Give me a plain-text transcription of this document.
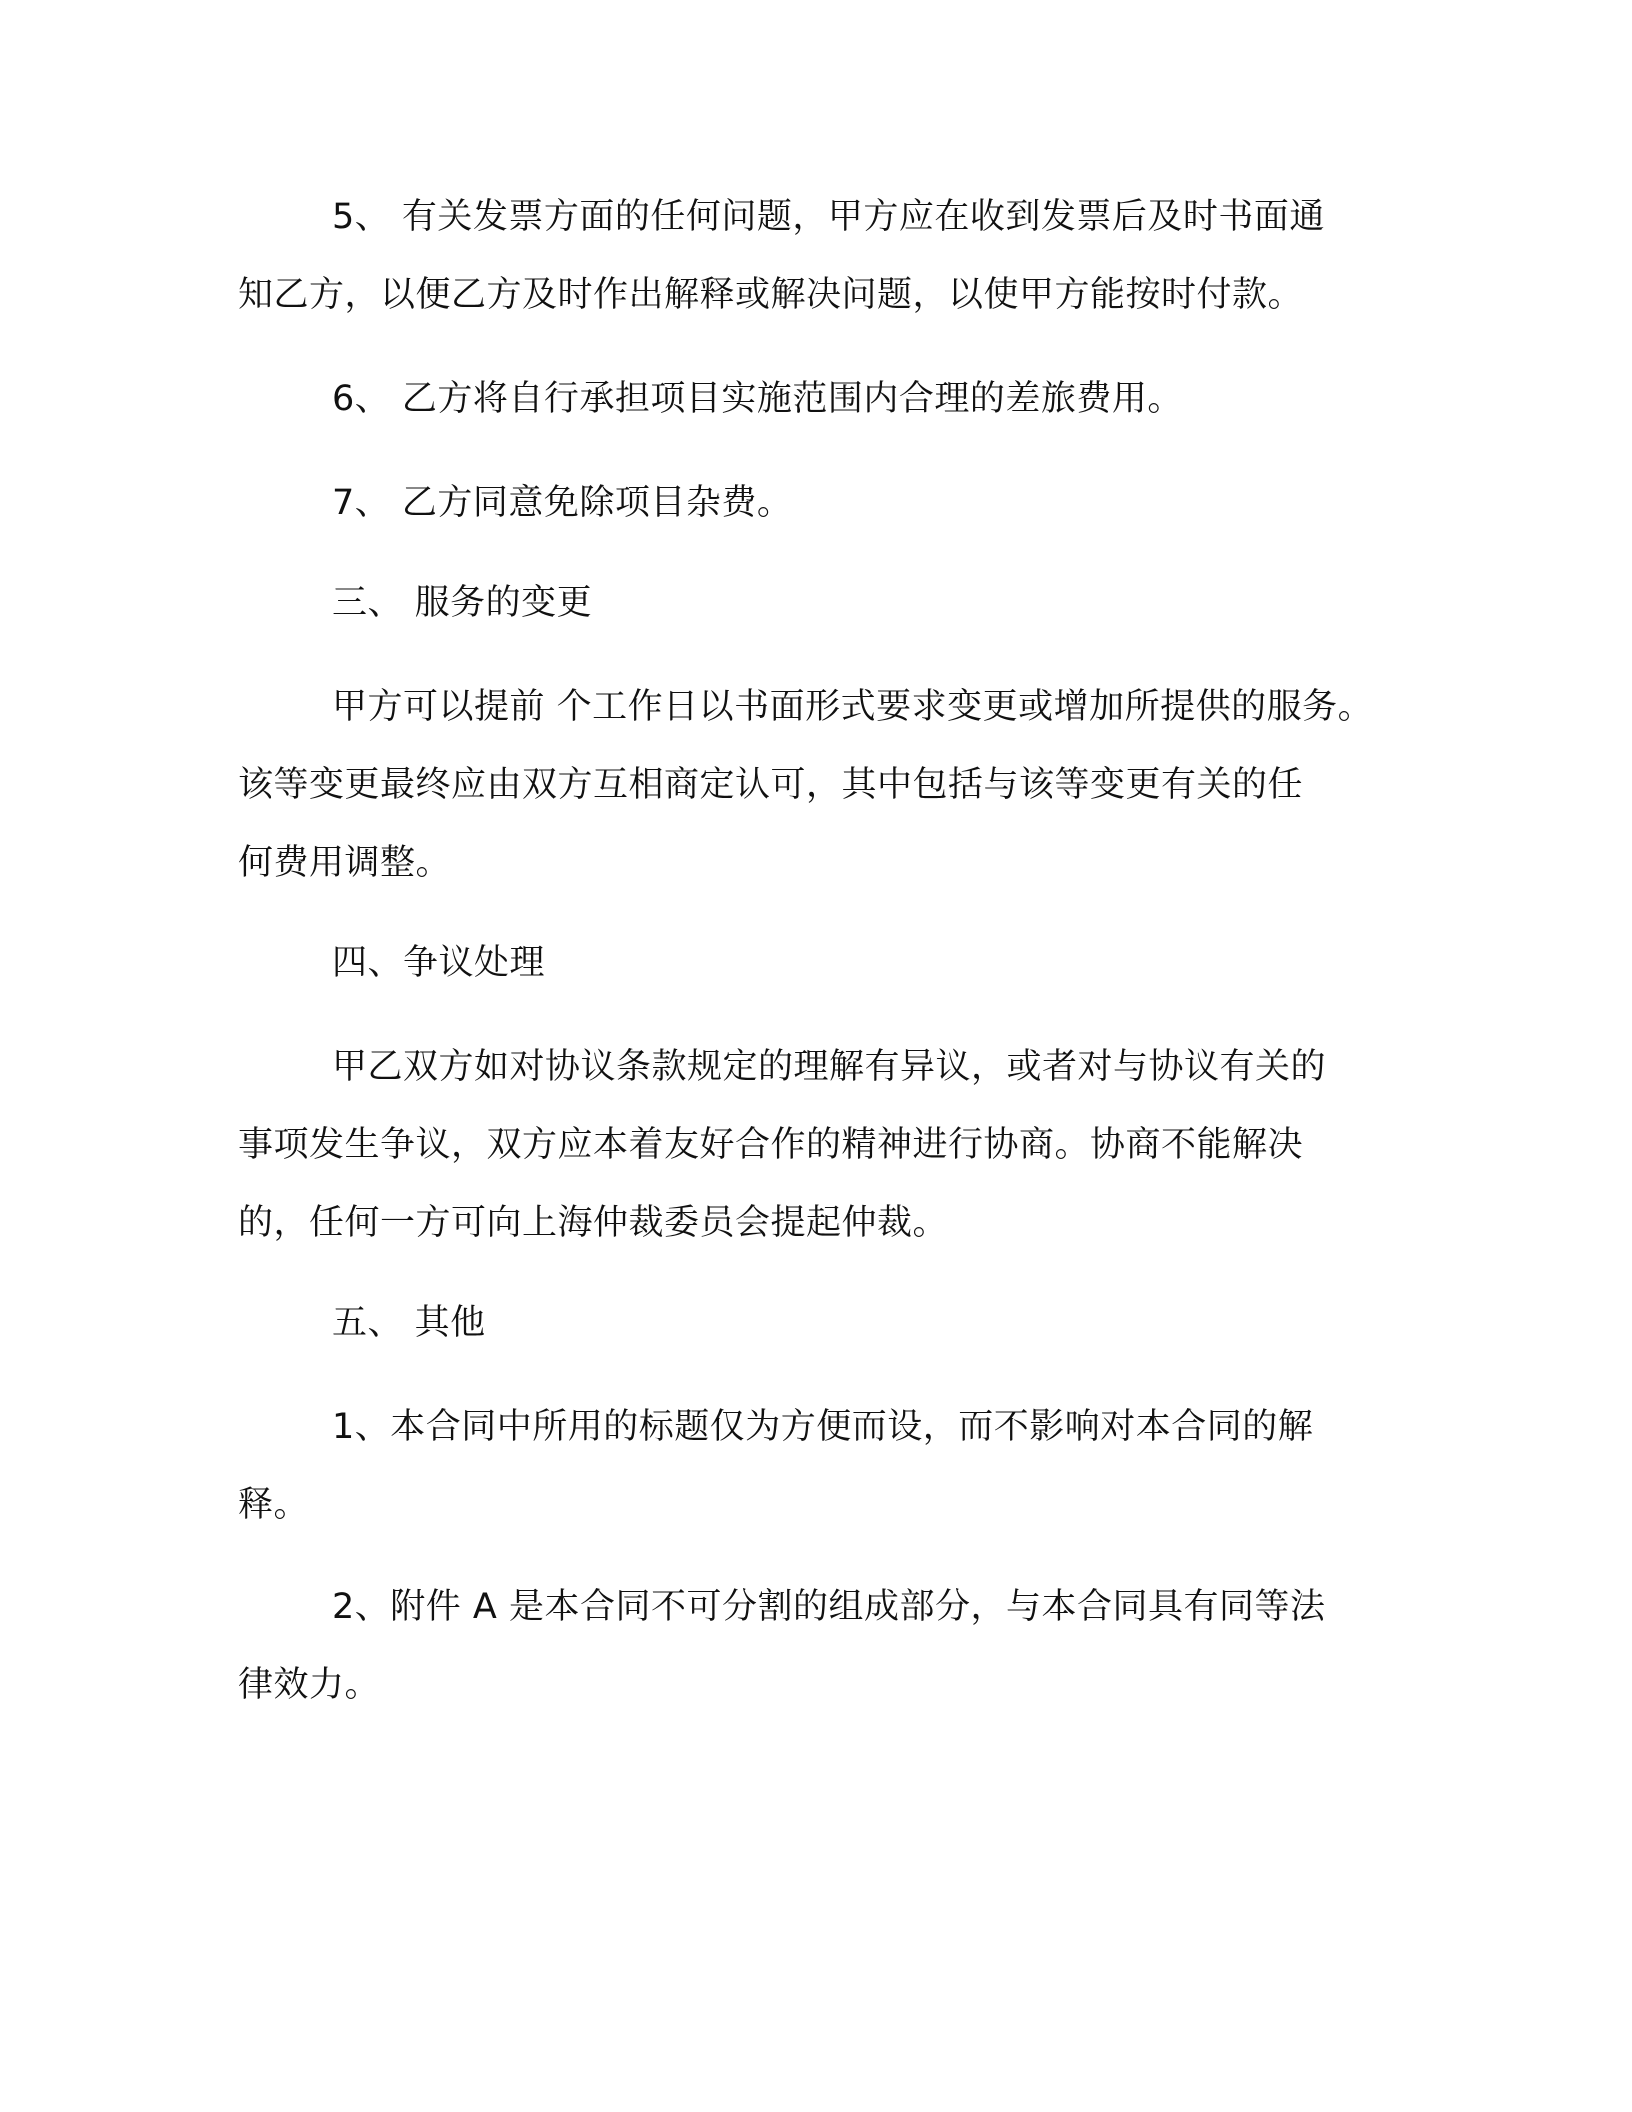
5、 有关发票方面的任何问题，甲方应在收到发票后及时书面通
知乙方，以便乙方及时作出解释或解决问题，以使甲方能按时付款。
6、 乙方将自行承担项目实施范围内合理的差旅费用。
7、 乙方同意免除项目杂费。
三、 服务的变更
甲方可以提前 个工作日以书面形式要求变更或增加所提供的服务。
该等变更最终应由双方互相商定认可，其中包括与该等变更有关的任
何费用调整。
四、争议处理
甲乙双方如对协议条款规定的理解有异议，或者对与协议有关的
事项发生争议，双方应本着友好合作的精神进行协商。协商不能解决
的，任何一方可向上海仲裁委员会提起仲裁。
五、 其他
1、本合同中所用的标题仅为方便而设，而不影响对本合同的解
释。
2、附件 A 是本合同不可分割的组成部分，与本合同具有同等法
律效力。
